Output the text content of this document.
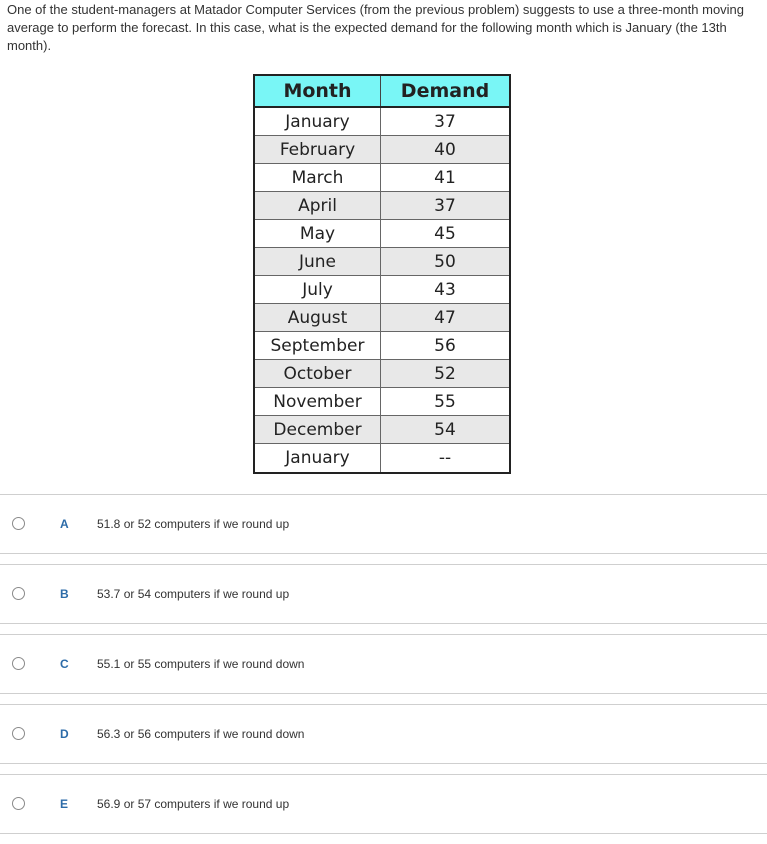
One of the student-managers at Matador Computer Services (from the previous problem) suggests to use a three-month moving average to perform the forecast. In this case, what is the expected demand for the following month which is January (the 13th month).

Month	Demand
January	37
February	40
March	41
April	37
May	45
June	50
July	43
August	47
September	56
October	52
November	55
December	54
January	--
A 51.8 or 52 computers if we round up
B 53.7 or 54 computers if we round up
C 55.1 or 55 computers if we round down
D 56.3 or 56 computers if we round down
E 56.9 or 57 computers if we round up
